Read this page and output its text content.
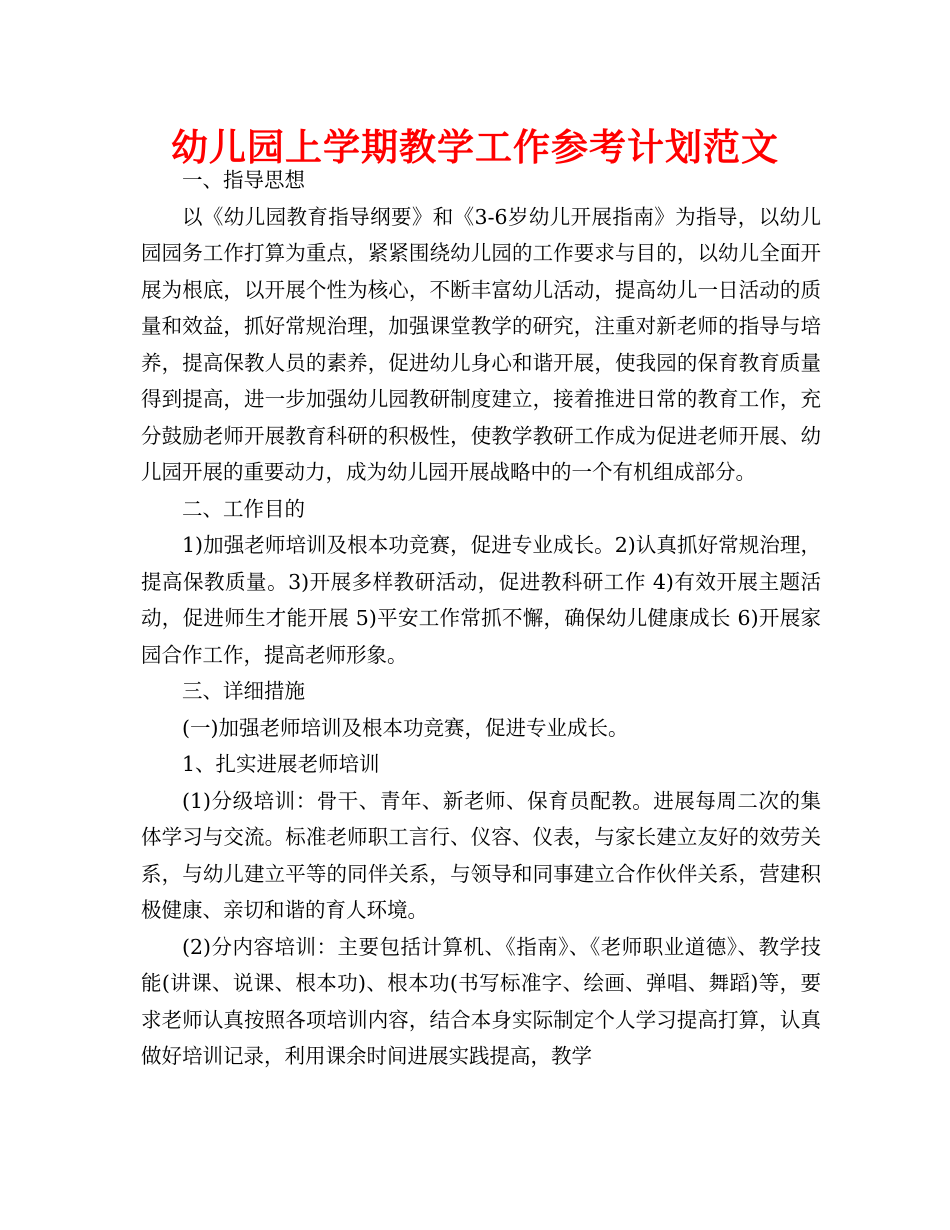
幼儿园上学期教学工作参考计划范文

一、指导思想

以《幼儿园教育指导纲要》和《3-6岁幼儿开展指南》为指导，以幼儿园园务工作打算为重点，紧紧围绕幼儿园的工作要求与目的，以幼儿全面开展为根底，以开展个性为核心，不断丰富幼儿活动，提高幼儿一日活动的质量和效益，抓好常规治理，加强课堂教学的研究，注重对新老师的指导与培养，提高保教人员的素养，促进幼儿身心和谐开展，使我园的保育教育质量得到提高，进一步加强幼儿园教研制度建立，接着推进日常的教育工作，充分鼓励老师开展教育科研的积极性，使教学教研工作成为促进老师开展、幼儿园开展的重要动力，成为幼儿园开展战略中的一个有机组成部分。

二、工作目的

1)加强老师培训及根本功竞赛，促进专业成长。2)认真抓好常规治理，提高保教质量。3)开展多样教研活动，促进教科研工作 4)有效开展主题活动，促进师生才能开展 5)平安工作常抓不懈，确保幼儿健康成长 6)开展家园合作工作，提高老师形象。

三、详细措施

(一)加强老师培训及根本功竞赛，促进专业成长。

1、扎实进展老师培训

(1)分级培训：骨干、青年、新老师、保育员配教。进展每周二次的集体学习与交流。标准老师职工言行、仪容、仪表，与家长建立友好的效劳关系，与幼儿建立平等的同伴关系，与领导和同事建立合作伙伴关系，营建积极健康、亲切和谐的育人环境。

(2)分内容培训：主要包括计算机、《指南》、《老师职业道德》、教学技能(讲课、说课、根本功)、根本功(书写标准字、绘画、弹唱、舞蹈)等，要求老师认真按照各项培训内容，结合本身实际制定个人学习提高打算，认真做好培训记录，利用课余时间进展实践提高，教学
